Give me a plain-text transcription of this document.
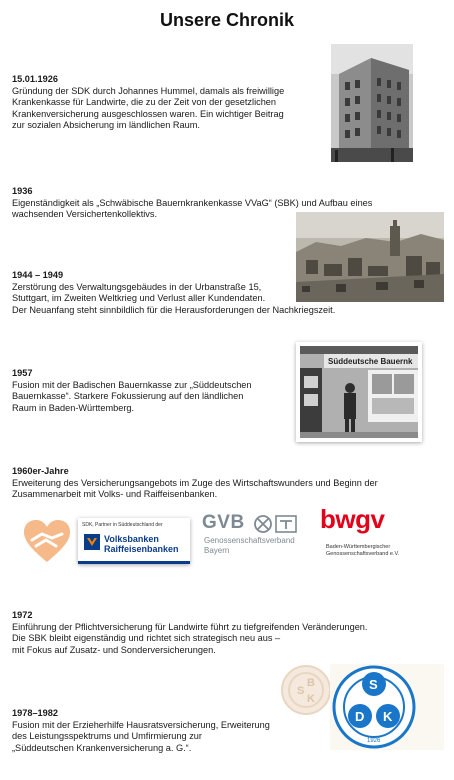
Unsere Chronik
15.01.1926
Gründung der SDK durch Johannes Hummel, damals als freiwillige
Krankenkasse für Landwirte, die zu der Zeit von der gesetzlichen
Krankenversicherung ausgeschlossen waren. Ein wichtiger Beitrag
zur sozialen Absicherung im ländlichen Raum.
1936
Eigenständigkeit als „Schwäbische Bauernkrankenkasse VVaG“ (SBK) und Aufbau eines
wachsenden Versichertenkollektivs.
1944 – 1949
Zerstörung des Verwaltungsgebäudes in der Urbanstraße 15,
Stuttgart, im Zweiten Weltkrieg und Verlust aller Kundendaten.
Der Neuanfang steht sinnbildlich für die Herausforderungen der Nachkriegszeit.
1957
Fusion mit der Badischen Bauernkasse zur „Süddeutschen
Bauernkasse“. Starkere Fokussierung auf den ländlichen
Raum in Baden-Württemberg.
Süddeutsche Bauernk
1960er-Jahre
Erweiterung des Versicherungsangebots im Zuge des Wirtschaftswunders und Beginn der
Zusammenarbeit mit Volks- und Raiffeisenbanken.
SDK, Partner in Süddeutschland der
Volksbanken
Raiffeisenbanken
GVB
Genossenschaftsverband
Bayern
bwgv
Baden-Württembergischer
Genossenschaftsverband e.V.
1972
Einführung der Pflichtversicherung für Landwirte führt zu tiefgreifenden Veränderungen.
Die SBK bleibt eigenständig und richtet sich strategisch neu aus –
mit Fokus auf Zusatz- und Sonderversicherungen.
1978–1982
Fusion mit der Erzieherhilfe Hausratsversicherung, Erweiterung
des Leistungsspektrums und Umfirmierung zur
„Süddeutschen Krankenversicherung a. G.“.
S
B
K
S
D K
1926
